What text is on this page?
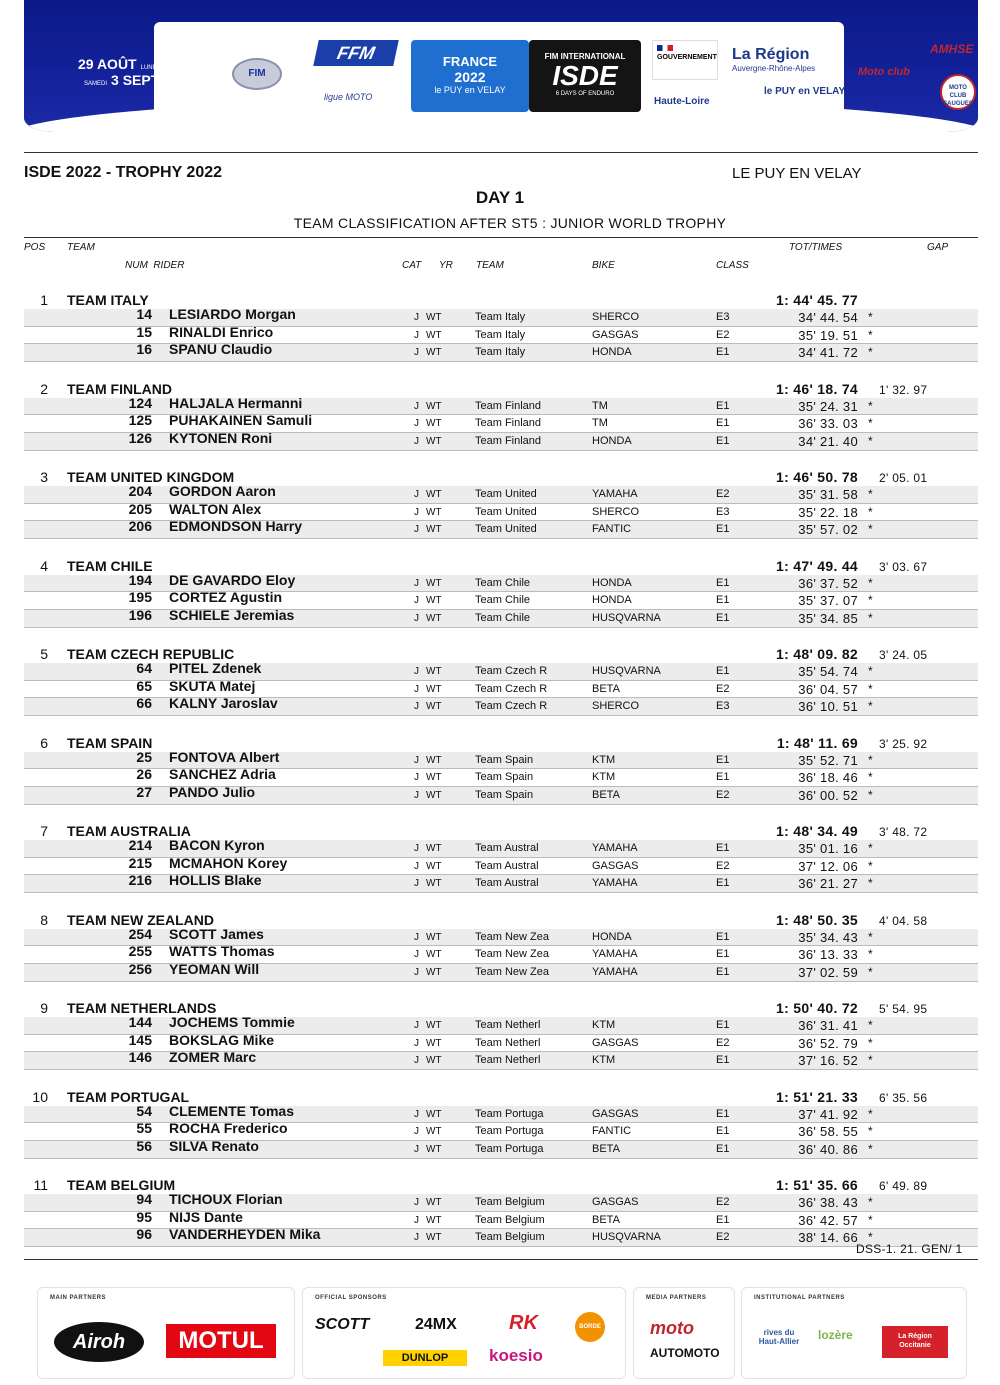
29 AOÛT LUNDI
SAMEDI 3 SEPT.	FIM
FFM
ligue MOTO
FRANCE
2022
le PUY en VELAY
FIM INTERNATIONAL
ISDE
6 DAYS OF ENDURO
GOUVERNEMENT La Région
Auvergne-Rhône-Alpes
Haute-Loire
le PUY en VELAY
Moto club
AMHSE
MOTO CLUB SAUGUES
ISDE 2022 - TROPHY 2022	LE PUY EN VELAY
DAY 1
TEAM CLASSIFICATION AFTER ST5 : JUNIOR WORLD TROPHY
POS TEAM	TOT/TIMES	GAP
NUM  RIDER	CAT YR TEAM	BIKE	CLASS
1 TEAM ITALY	1: 44' 45. 77
14 LESIARDO Morgan	J WT	Team Italy	SHERCO	E3	34' 44. 54 *
15 RINALDI Enrico	J WT	Team Italy	GASGAS	E2	35' 19. 51 *
16 SPANU Claudio	J WT	Team Italy	HONDA	E1	34' 41. 72 *
2 TEAM FINLAND	1: 46' 18. 74 1' 32. 97
124 HALJALA Hermanni	J WT	Team Finland	TM	E1	35' 24. 31 *
125 PUHAKAINEN Samuli	J WT	Team Finland	TM	E1	36' 33. 03 *
126 KYTONEN Roni	J WT	Team Finland	HONDA	E1	34' 21. 40 *
3 TEAM UNITED KINGDOM	1: 46' 50. 78 2' 05. 01
204 GORDON Aaron	J WT	Team United	YAMAHA	E2	35' 31. 58 *
205 WALTON Alex	J WT	Team United	SHERCO	E3	35' 22. 18 *
206 EDMONDSON Harry	J WT	Team United	FANTIC	E1	35' 57. 02 *
4 TEAM CHILE	1: 47' 49. 44 3' 03. 67
194 DE GAVARDO Eloy	J WT	Team Chile	HONDA	E1	36' 37. 52 *
195 CORTEZ Agustin	J WT	Team Chile	HONDA	E1	35' 37. 07 *
196 SCHIELE Jeremias	J WT	Team Chile	HUSQVARNA	E1	35' 34. 85 *
5 TEAM CZECH REPUBLIC	1: 48' 09. 82 3' 24. 05
64 PITEL Zdenek	J WT	Team Czech R	HUSQVARNA	E1	35' 54. 74 *
65 SKUTA Matej	J WT	Team Czech R	BETA	E2	36' 04. 57 *
66 KALNY Jaroslav	J WT	Team Czech R	SHERCO	E3	36' 10. 51 *
6 TEAM SPAIN	1: 48' 11. 69 3' 25. 92
25 FONTOVA Albert	J WT	Team Spain	KTM	E1	35' 52. 71 *
26 SANCHEZ Adria	J WT	Team Spain	KTM	E1	36' 18. 46 *
27 PANDO Julio	J WT	Team Spain	BETA	E2	36' 00. 52 *
7 TEAM AUSTRALIA	1: 48' 34. 49 3' 48. 72
214 BACON Kyron	J WT	Team Austral	YAMAHA	E1	35' 01. 16 *
215 MCMAHON Korey	J WT	Team Austral	GASGAS	E2	37' 12. 06 *
216 HOLLIS Blake	J WT	Team Austral	YAMAHA	E1	36' 21. 27 *
8 TEAM NEW ZEALAND	1: 48' 50. 35 4' 04. 58
254 SCOTT James	J WT	Team New Zea	HONDA	E1	35' 34. 43 *
255 WATTS Thomas	J WT	Team New Zea	YAMAHA	E1	36' 13. 33 *
256 YEOMAN Will	J WT	Team New Zea	YAMAHA	E1	37' 02. 59 *
9 TEAM NETHERLANDS	1: 50' 40. 72 5' 54. 95
144 JOCHEMS Tommie	J WT	Team Netherl	KTM	E1	36' 31. 41 *
145 BOKSLAG Mike	J WT	Team Netherl	GASGAS	E2	36' 52. 79 *
146 ZOMER Marc	J WT	Team Netherl	KTM	E1	37' 16. 52 *
10 TEAM PORTUGAL	1: 51' 21. 33 6' 35. 56
54 CLEMENTE Tomas	J WT	Team Portuga	GASGAS	E1	37' 41. 92 *
55 ROCHA Frederico	J WT	Team Portuga	FANTIC	E1	36' 58. 55 *
56 SILVA Renato	J WT	Team Portuga	BETA	E1	36' 40. 86 *
11 TEAM BELGIUM	1: 51' 35. 66 6' 49. 89
94 TICHOUX Florian	J WT	Team Belgium	GASGAS	E2	36' 38. 43 *
95 NIJS Dante	J WT	Team Belgium	BETA	E1	36' 42. 57 *
96 VANDERHEYDEN Mika	J WT	Team Belgium	HUSQVARNA	E2	38' 14. 66 *
DSS-1. 21. GEN/ 1
MAIN PARTNERS
Airoh	MOTUL
OFFICIAL SPONSORS
SCOTT	24MX	RK	BORDE
DUNLOP	koesio
MEDIA PARTNERS
moto
AUTOMOTO
INSTITUTIONAL PARTNERS
rives du Haut-Allier	lozère	La Région Occitanie
